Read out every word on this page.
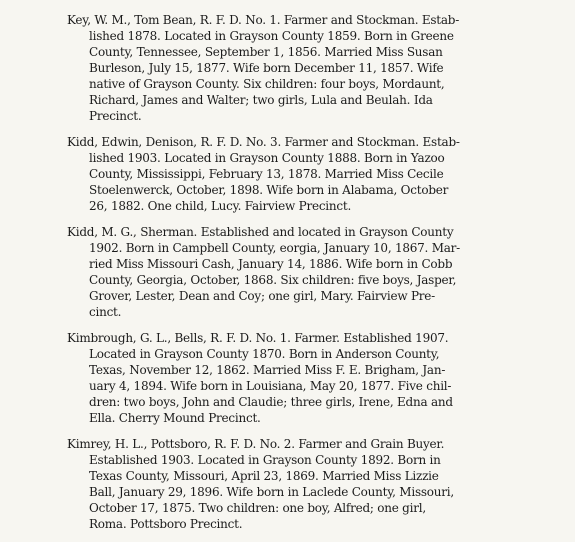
Key, W. M., Tom Bean, R. F. D. No. 1. Farmer and Stockman. Estab-
lished 1878. Located in Grayson County 1859. Born in Greene
County, Tennessee, September 1, 1856. Married Miss Susan
Burleson, July 15, 1877. Wife born December 11, 1857. Wife
native of Grayson County. Six children: four boys, Mordaunt,
Richard, James and Walter; two girls, Lula and Beulah. Ida
Precinct.
Kidd, Edwin, Denison, R. F. D. No. 3. Farmer and Stockman. Estab-
lished 1903. Located in Grayson County 1888. Born in Yazoo
County, Mississippi, February 13, 1878. Married Miss Cecile
Stoelenwerck, October, 1898. Wife born in Alabama, October
26, 1882. One child, Lucy. Fairview Precinct.
Kidd, M. G., Sherman. Established and located in Grayson County
1902. Born in Campbell County, eorgia, January 10, 1867. Mar-
ried Miss Missouri Cash, January 14, 1886. Wife born in Cobb
County, Georgia, October, 1868. Six children: five boys, Jasper,
Grover, Lester, Dean and Coy; one girl, Mary. Fairview Pre-
cinct.
Kimbrough, G. L., Bells, R. F. D. No. 1. Farmer. Established 1907.
Located in Grayson County 1870. Born in Anderson County,
Texas, November 12, 1862. Married Miss F. E. Brigham, Jan-
uary 4, 1894. Wife born in Louisiana, May 20, 1877. Five chil-
dren: two boys, John and Claudie; three girls, Irene, Edna and
Ella. Cherry Mound Precinct.
Kimrey, H. L., Pottsboro, R. F. D. No. 2. Farmer and Grain Buyer.
Established 1903. Located in Grayson County 1892. Born in
Texas County, Missouri, April 23, 1869. Married Miss Lizzie
Ball, January 29, 1896. Wife born in Laclede County, Missouri,
October 17, 1875. Two children: one boy, Alfred; one girl,
Roma. Pottsboro Precinct.
